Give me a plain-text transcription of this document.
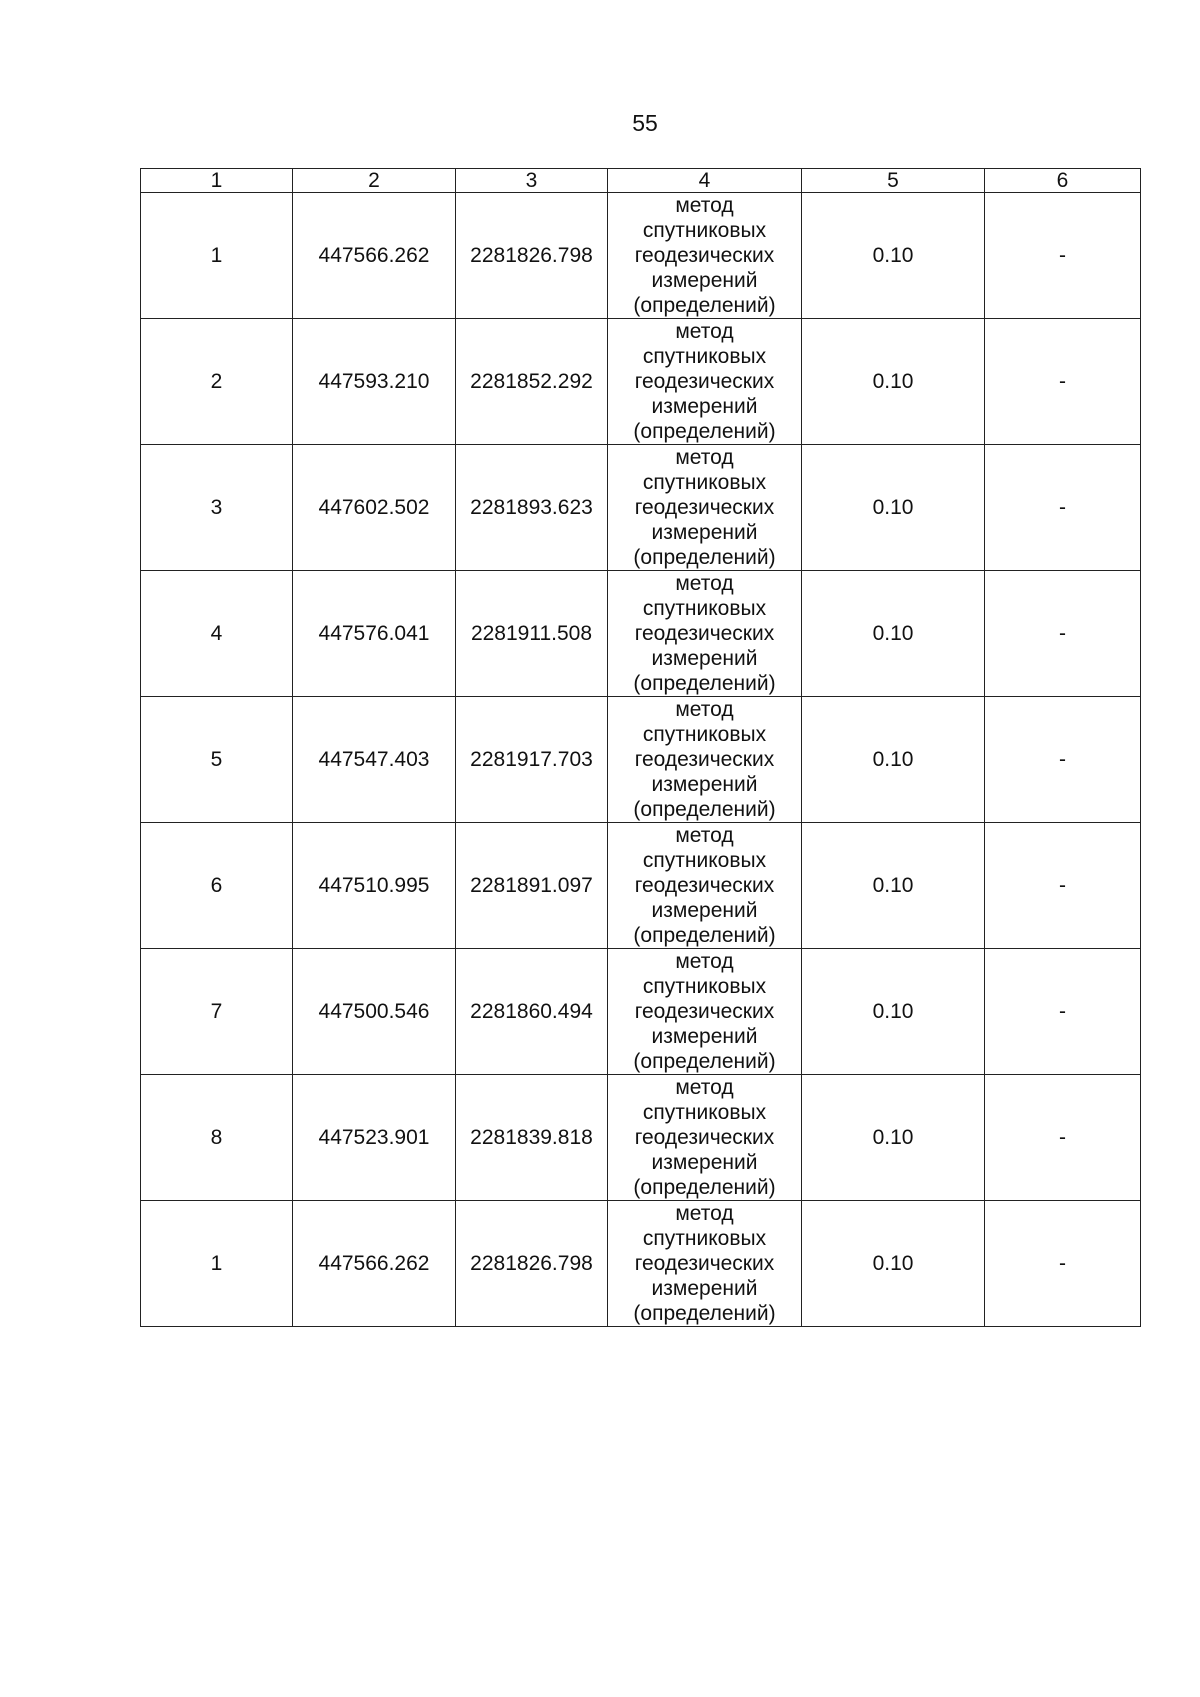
55
1	2	3	4	5	6
1	447566.262	2281826.798	метод
спутниковых
геодезических
измерений
(определений)	0.10	-
2	447593.210	2281852.292	метод
спутниковых
геодезических
измерений
(определений)	0.10	-
3	447602.502	2281893.623	метод
спутниковых
геодезических
измерений
(определений)	0.10	-
4	447576.041	2281911.508	метод
спутниковых
геодезических
измерений
(определений)	0.10	-
5	447547.403	2281917.703	метод
спутниковых
геодезических
измерений
(определений)	0.10	-
6	447510.995	2281891.097	метод
спутниковых
геодезических
измерений
(определений)	0.10	-
7	447500.546	2281860.494	метод
спутниковых
геодезических
измерений
(определений)	0.10	-
8	447523.901	2281839.818	метод
спутниковых
геодезических
измерений
(определений)	0.10	-
1	447566.262	2281826.798	метод
спутниковых
геодезических
измерений
(определений)	0.10	-
